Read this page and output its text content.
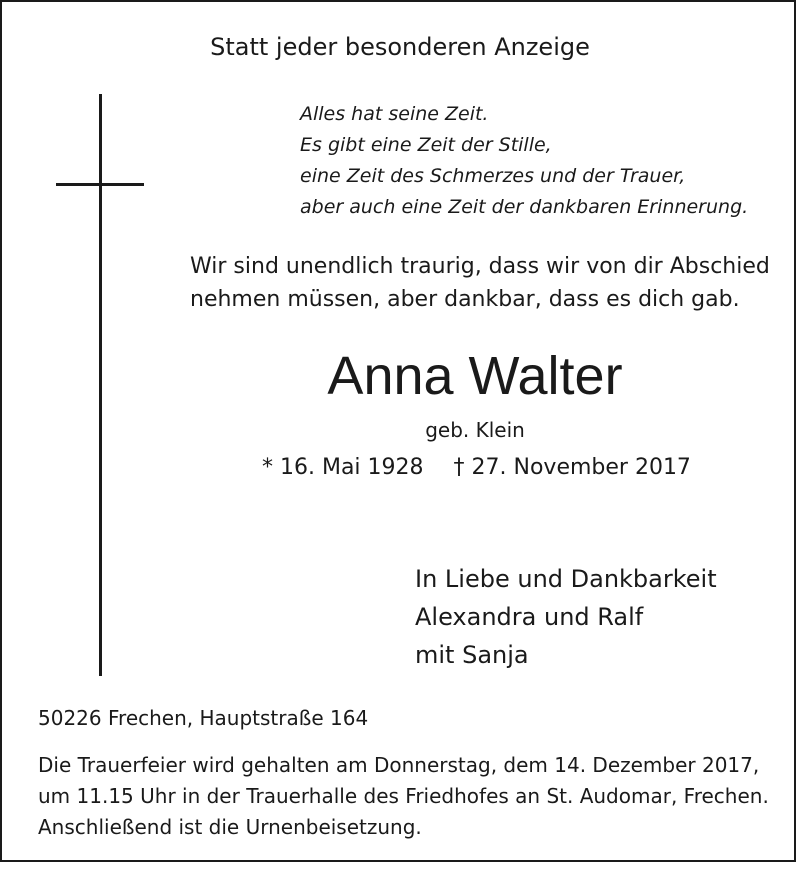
Statt jeder besonderen Anzeige
Alles hat seine Zeit.
Es gibt eine Zeit der Stille,
eine Zeit des Schmerzes und der Trauer,
aber auch eine Zeit der dankbaren Erinnerung.
Wir sind unendlich traurig, dass wir von dir Abschied
nehmen müssen, aber dankbar, dass es dich gab.
Anna Walter
geb. Klein
* 16. Mai 1928 † 27. November 2017
In Liebe und Dankbarkeit
Alexandra und Ralf
mit Sanja
50226 Frechen, Hauptstraße 164
Die Trauerfeier wird gehalten am Donnerstag, dem 14. Dezember 2017,
um 11.15 Uhr in der Trauerhalle des Friedhofes an St. Audomar, Frechen.
Anschließend ist die Urnenbeisetzung.
